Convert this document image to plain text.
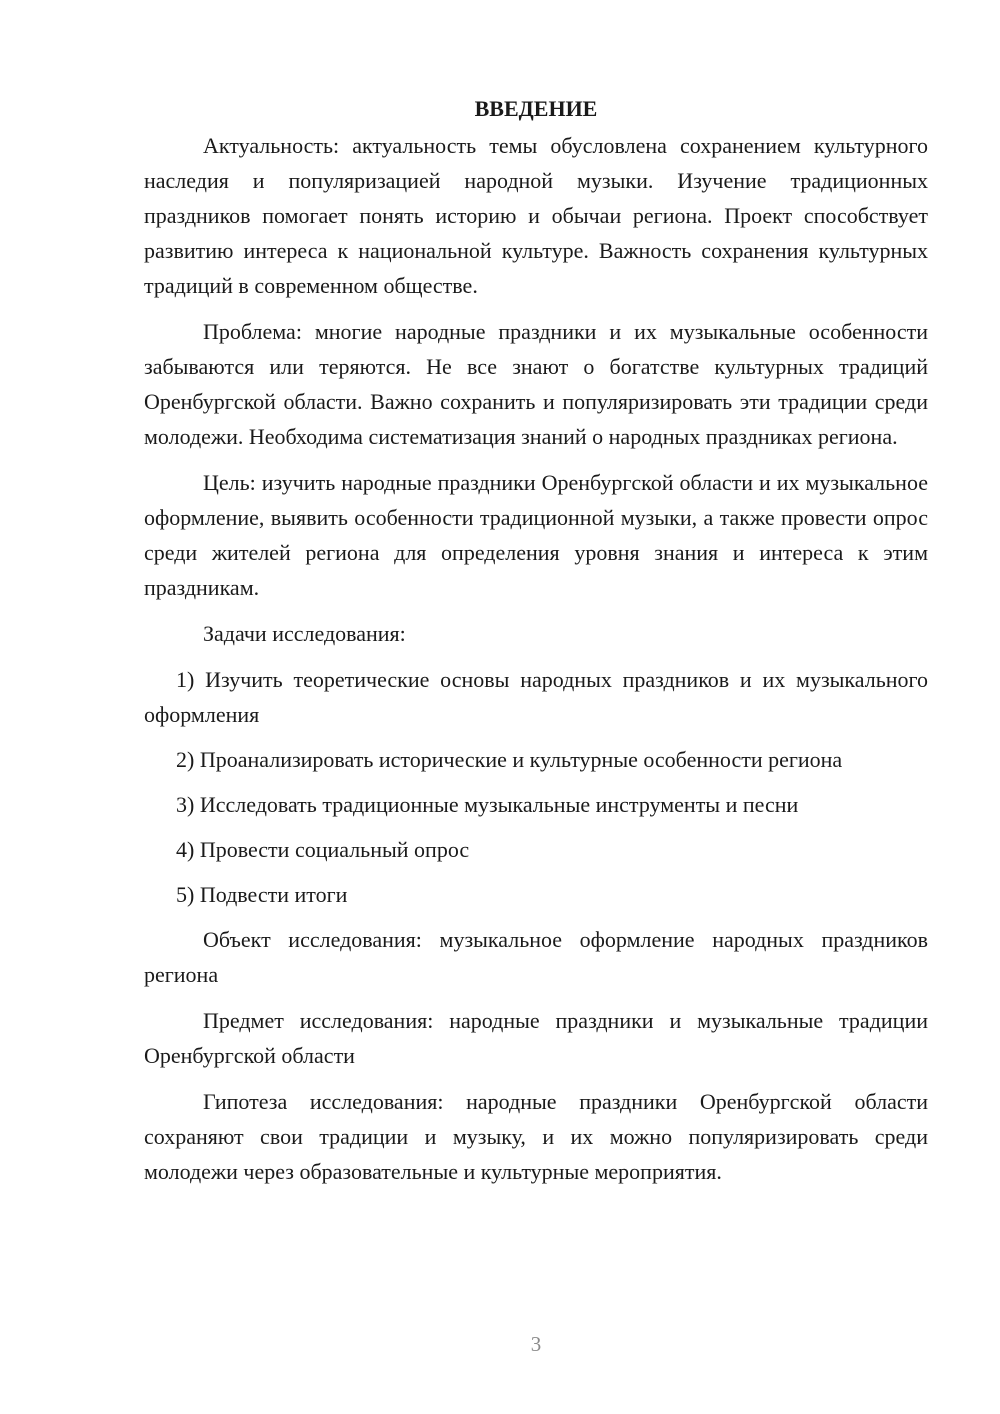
ВВЕДЕНИЕ

Актуальность: актуальность темы обусловлена сохранением культурного наследия и популяризацией народной музыки. Изучение традиционных праздников помогает понять историю и обычаи региона. Проект способствует развитию интереса к национальной культуре. Важность сохранения культурных традиций в современном обществе.

Проблема: многие народные праздники и их музыкальные особенности забываются или теряются. Не все знают о богатстве культурных традиций Оренбургской области. Важно сохранить и популяризировать эти традиции среди молодежи. Необходима систематизация знаний о народных праздниках региона.

Цель: изучить народные праздники Оренбургской области и их музыкальное оформление, выявить особенности традиционной музыки, а также провести опрос среди жителей региона для определения уровня знания и интереса к этим праздникам.

Задачи исследования:

1) Изучить теоретические основы народных праздников и их музыкального оформления

2) Проанализировать исторические и культурные особенности региона

3) Исследовать традиционные музыкальные инструменты и песни

4) Провести социальный опрос

5) Подвести итоги

Объект исследования: музыкальное оформление народных праздников региона

Предмет исследования: народные праздники и музыкальные традиции Оренбургской области

Гипотеза исследования: народные праздники Оренбургской области сохраняют свои традиции и музыку, и их можно популяризировать среди молодежи через образовательные и культурные мероприятия.

3
